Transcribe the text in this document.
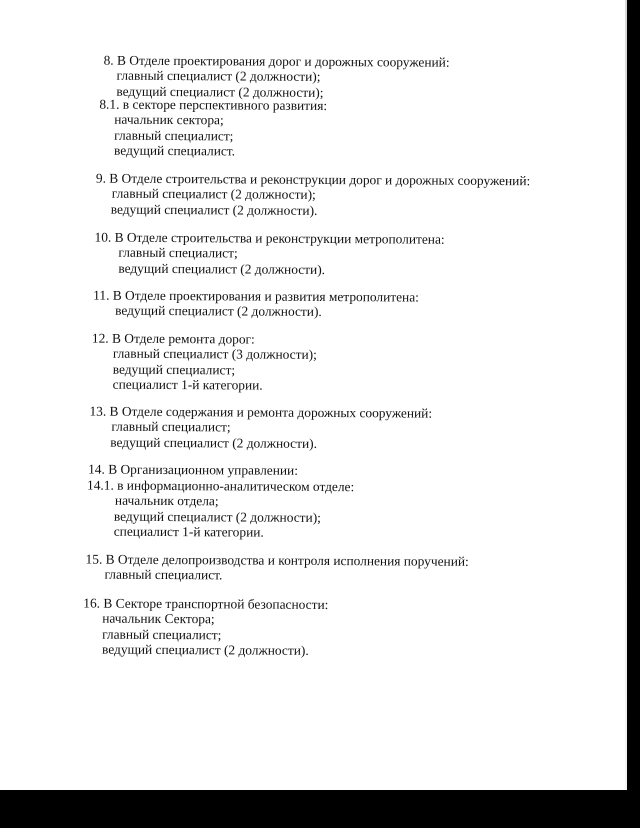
8. В Отделе проектирования дорог и дорожных сооружений:
главный специалист (2 должности);
ведущий специалист (2 должности);
8.1. в секторе перспективного развития:
начальник сектора;
главный специалист;
ведущий специалист.
9. В Отделе строительства и реконструкции дорог и дорожных сооружений:
главный специалист (2 должности);
ведущий специалист (2 должности).
10. В Отделе строительства и реконструкции метрополитена:
главный специалист;
ведущий специалист (2 должности).
11. В Отделе проектирования и развития метрополитена:
ведущий специалист (2 должности).
12. В Отделе ремонта дорог:
главный специалист (3 должности);
ведущий специалист;
специалист 1-й категории.
13. В Отделе содержания и ремонта дорожных сооружений:
главный специалист;
ведущий специалист (2 должности).
14. В Организационном управлении:
14.1. в информационно-аналитическом отделе:
начальник отдела;
ведущий специалист (2 должности);
специалист 1-й категории.
15. В Отделе делопроизводства и контроля исполнения поручений:
главный специалист.
16. В Секторе транспортной безопасности:
начальник Сектора;
главный специалист;
ведущий специалист (2 должности).
